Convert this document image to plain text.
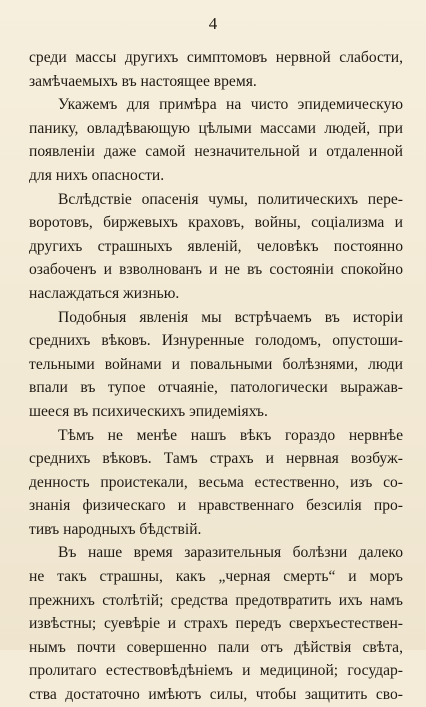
4
среди массы другихъ симптомовъ нервной слабости,
замѣчаемыхъ въ настоящее время.
Укажемъ для примѣра на чисто эпидемическую
панику, овладѣвающую цѣлыми массами людей, при
появленіи даже самой незначительной и отдаленной
для нихъ опасности.
Вслѣдствіе опасенія чумы, политическихъ пере-
воротовъ, биржевыхъ краховъ, войны, соціализма и
другихъ страшныхъ явленій, человѣкъ постоянно
озабоченъ и взволнованъ и не въ состояніи спокойно
наслаждаться жизнью.
Подобныя явленія мы встрѣчаемъ въ исторіи
среднихъ вѣковъ. Изнуренные голодомъ, опустоши-
тельными войнами и повальными болѣзнями, люди
впали въ тупое отчаяніе, патологически выражав-
шееся въ психическихъ эпидеміяхъ.
Тѣмъ не менѣе нашъ вѣкъ гораздо нервнѣе
среднихъ вѣковъ. Тамъ страхъ и нервная возбуж-
денность проистекали, весьма естественно, изъ со-
знанія физическаго и нравственнаго безсилія про-
тивъ народныхъ бѣдствій.
Въ наше время заразительныя болѣзни далеко
не такъ страшны, какъ „черная смерть“ и моръ
прежнихъ столѣтій; средства предотвратить ихъ намъ
извѣстны; суевѣріе и страхъ передъ сверхъестествен-
нымъ почти совершенно пали отъ дѣйствія свѣта,
пролитаго естествовѣдѣніемъ и медициной; государ-
ства достаточно имѣютъ силы, чтобы защитить сво-
